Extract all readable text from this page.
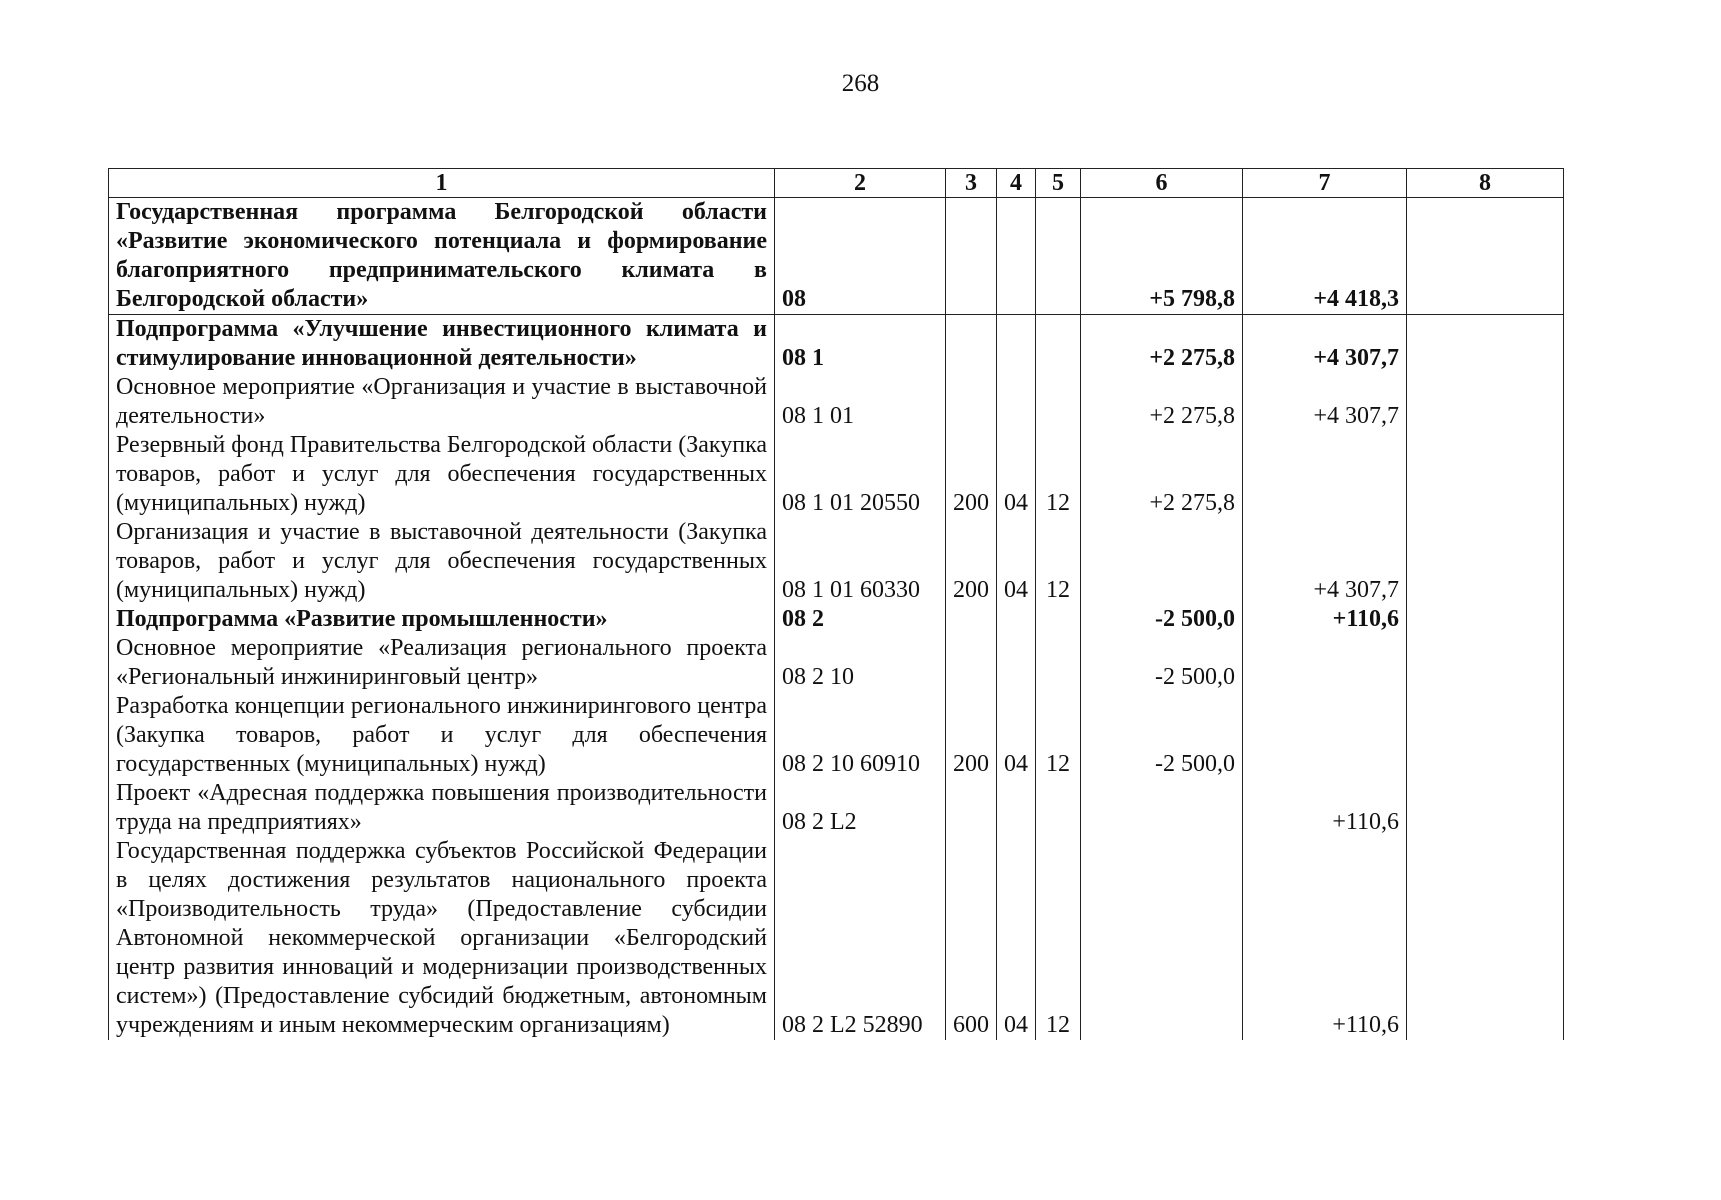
268
1	2	3	4	5	6	7	8
Государственная программа Белгородской области «Развитие экономического потенциала и формирование благоприятного предпринимательского климата в Белгородской области»	08				+5 798,8	+4 418,3	
Подпрограмма «Улучшение инвестиционного климата и стимулирование инновационной деятельности»	08 1				+2 275,8	+4 307,7	
Основное мероприятие «Организация и участие в выставочной деятельности»	08 1 01				+2 275,8	+4 307,7	
Резервный фонд Правительства Белгородской области (Закупка товаров, работ и услуг для обеспечения государственных (муниципальных) нужд)	08 1 01 20550	200	04	12	+2 275,8		
Организация и участие в выставочной деятельности (Закупка товаров, работ и услуг для обеспечения государственных (муниципальных) нужд)	08 1 01 60330	200	04	12		+4 307,7	
Подпрограмма «Развитие промышленности»	08 2				-2 500,0	+110,6	
Основное мероприятие «Реализация регионального проекта «Региональный инжиниринговый центр»	08 2 10				-2 500,0		
Разработка концепции регионального инжинирингового центра (Закупка товаров, работ и услуг для обеспечения государственных (муниципальных) нужд)	08 2 10 60910	200	04	12	-2 500,0		
Проект «Адресная поддержка повышения производительности труда на предприятиях»	08 2 L2					+110,6	
Государственная поддержка субъектов Российской Федерации в целях достижения результатов национального проекта «Производительность труда» (Предоставление субсидии Автономной некоммерческой организации «Белгородский центр развития инноваций и модернизации производственных систем») (Предоставление субсидий бюджетным, автономным учреждениям и иным некоммерческим организациям)	08 2 L2 52890	600	04	12		+110,6	
